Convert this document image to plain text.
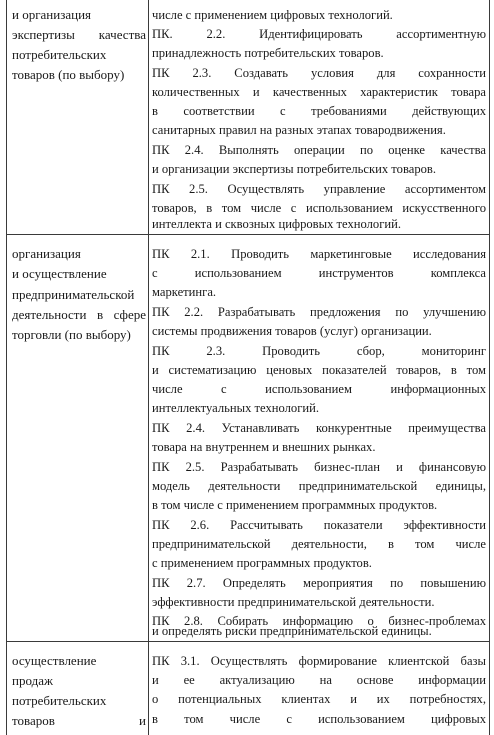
и организация
экспертизы качества
потребительских
товаров (по выбору)
числе с применением цифровых технологий.
ПК. 2.2. Идентифицировать ассортиментную
принадлежность потребительских товаров.
ПК 2.3. Создавать условия для сохранности
количественных и качественных характеристик товара
в соответствии с требованиями действующих
санитарных правил на разных этапах товародвижения.
ПК 2.4. Выполнять операции по оценке качества
и организации экспертизы потребительских товаров.
ПК 2.5. Осуществлять управление ассортиментом
товаров, в том числе с использованием искусственного
интеллекта и сквозных цифровых технологий.
организация
и осуществление
предпринимательской
деятельности в сфере
торговли (по выбору)
ПК 2.1. Проводить маркетинговые исследования
с использованием инструментов комплекса
маркетинга.
ПК 2.2. Разрабатывать предложения по улучшению
системы продвижения товаров (услуг) организации.
ПК 2.3. Проводить сбор, мониторинг
и систематизацию ценовых показателей товаров, в том
числе с использованием информационных
интеллектуальных технологий.
ПК 2.4. Устанавливать конкурентные преимущества
товара на внутреннем и внешних рынках.
ПК 2.5. Разрабатывать бизнес-план и финансовую
модель деятельности предпринимательской единицы,
в том числе с применением программных продуктов.
ПК 2.6. Рассчитывать показатели эффективности
предпринимательской деятельности, в том числе
с применением программных продуктов.
ПК 2.7. Определять мероприятия по повышению
эффективности предпринимательской деятельности.
ПК 2.8. Собирать информацию о бизнес-проблемах
и определять риски предпринимательской единицы.
осуществление
продаж
потребительских
товаров	и
ПК 3.1. Осуществлять формирование клиентской базы
и ее актуализацию на основе информации
о потенциальных клиентах и их потребностях,
в том числе с использованием цифровых
